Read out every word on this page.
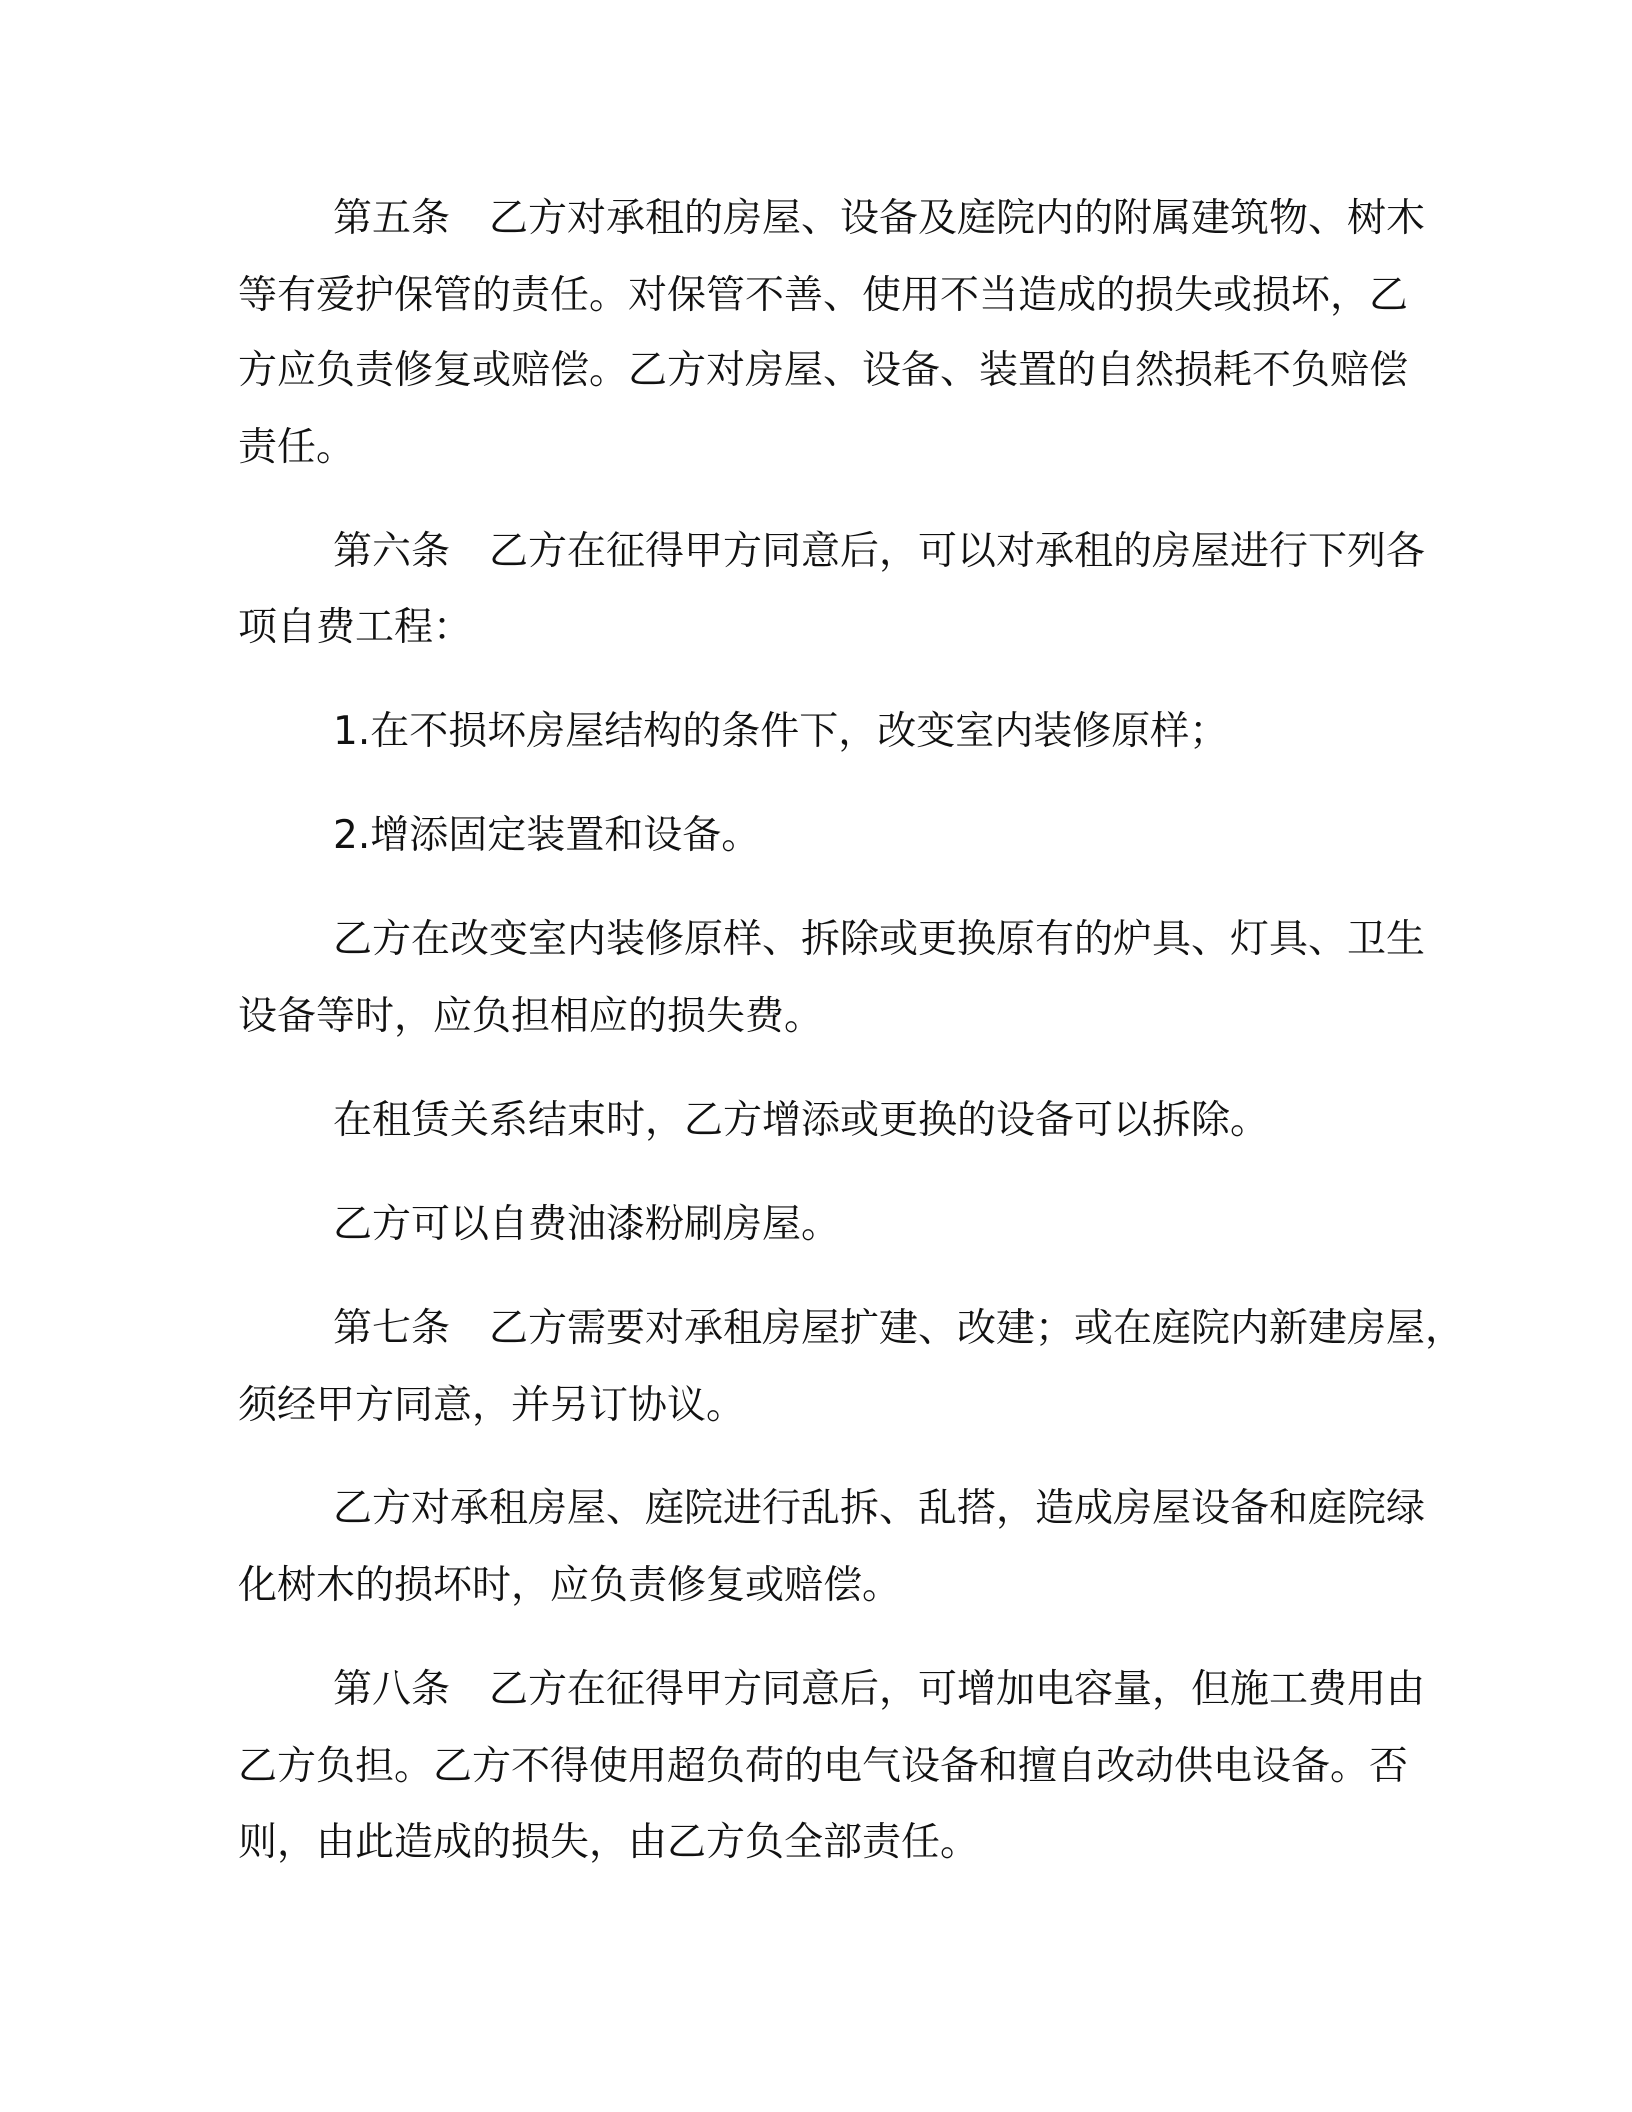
第五条　乙方对承租的房屋、设备及庭院内的附属建筑物、树木

等有爱护保管的责任。对保管不善、使用不当造成的损失或损坏，乙

方应负责修复或赔偿。乙方对房屋、设备、装置的自然损耗不负赔偿

责任。

第六条　乙方在征得甲方同意后，可以对承租的房屋进行下列各

项自费工程：

1.在不损坏房屋结构的条件下，改变室内装修原样；

2.增添固定装置和设备。

乙方在改变室内装修原样、拆除或更换原有的炉具、灯具、卫生

设备等时，应负担相应的损失费。

在租赁关系结束时，乙方增添或更换的设备可以拆除。

乙方可以自费油漆粉刷房屋。

第七条　乙方需要对承租房屋扩建、改建；或在庭院内新建房屋，

须经甲方同意，并另订协议。

乙方对承租房屋、庭院进行乱拆、乱搭，造成房屋设备和庭院绿

化树木的损坏时，应负责修复或赔偿。

第八条　乙方在征得甲方同意后，可增加电容量，但施工费用由

乙方负担。乙方不得使用超负荷的电气设备和擅自改动供电设备。否

则，由此造成的损失，由乙方负全部责任。
